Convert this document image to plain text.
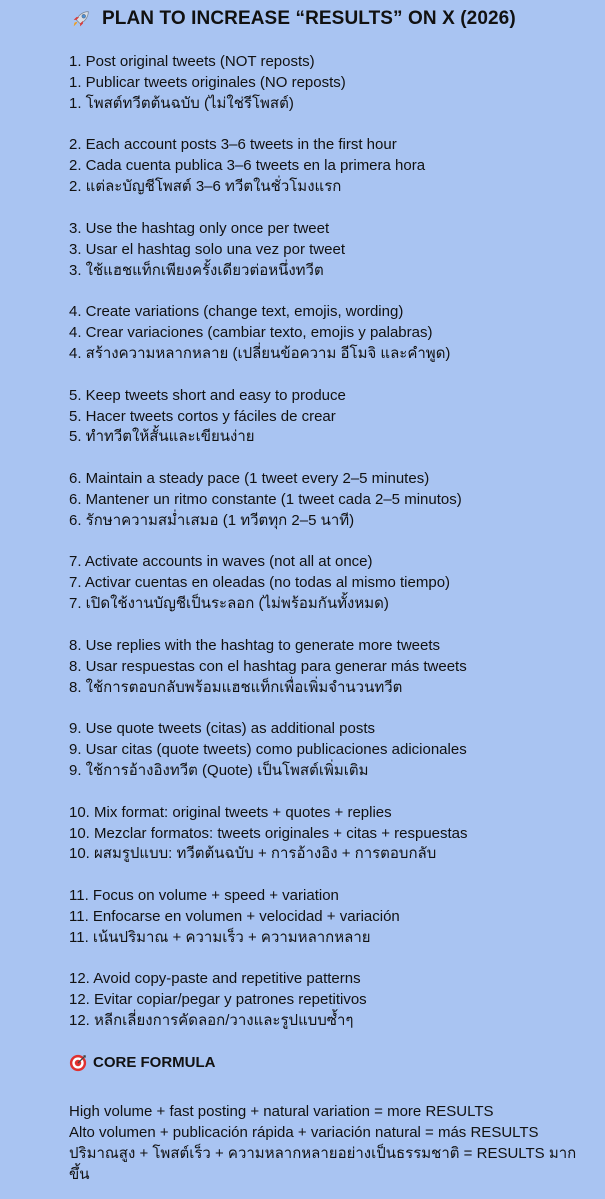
PLAN TO INCREASE “RESULTS” ON X (2026)
1. Post original tweets (NOT reposts)
1. Publicar tweets originales (NO reposts)
1. โพสต์ทวีตต้นฉบับ (ไม่ใช่รีโพสต์)
2. Each account posts 3–6 tweets in the first hour
2. Cada cuenta publica 3–6 tweets en la primera hora
2. แต่ละบัญชีโพสต์ 3–6 ทวีตในชั่วโมงแรก
3. Use the hashtag only once per tweet
3. Usar el hashtag solo una vez por tweet
3. ใช้แฮชแท็กเพียงครั้งเดียวต่อหนึ่งทวีต
4. Create variations (change text, emojis, wording)
4. Crear variaciones (cambiar texto, emojis y palabras)
4. สร้างความหลากหลาย (เปลี่ยนข้อความ อีโมจิ และคำพูด)
5. Keep tweets short and easy to produce
5. Hacer tweets cortos y fáciles de crear
5. ทำทวีตให้สั้นและเขียนง่าย
6. Maintain a steady pace (1 tweet every 2–5 minutes)
6. Mantener un ritmo constante (1 tweet cada 2–5 minutos)
6. รักษาความสม่ำเสมอ (1 ทวีตทุก 2–5 นาที)
7. Activate accounts in waves (not all at once)
7. Activar cuentas en oleadas (no todas al mismo tiempo)
7. เปิดใช้งานบัญชีเป็นระลอก (ไม่พร้อมกันทั้งหมด)
8. Use replies with the hashtag to generate more tweets
8. Usar respuestas con el hashtag para generar más tweets
8. ใช้การตอบกลับพร้อมแฮชแท็กเพื่อเพิ่มจำนวนทวีต
9. Use quote tweets (citas) as additional posts
9. Usar citas (quote tweets) como publicaciones adicionales
9. ใช้การอ้างอิงทวีต (Quote) เป็นโพสต์เพิ่มเติม
10. Mix format: original tweets + quotes + replies
10. Mezclar formatos: tweets originales + citas + respuestas
10. ผสมรูปแบบ: ทวีตต้นฉบับ + การอ้างอิง + การตอบกลับ
11. Focus on volume + speed + variation
11. Enfocarse en volumen + velocidad + variación
11. เน้นปริมาณ + ความเร็ว + ความหลากหลาย
12. Avoid copy-paste and repetitive patterns
12. Evitar copiar/pegar y patrones repetitivos
12. หลีกเลี่ยงการคัดลอก/วางและรูปแบบซ้ำๆ
CORE FORMULA
High volume + fast posting + natural variation = more RESULTS
Alto volumen + publicación rápida + variación natural = más RESULTS
ปริมาณสูง + โพสต์เร็ว + ความหลากหลายอย่างเป็นธรรมชาติ = RESULTS มากขึ้น
